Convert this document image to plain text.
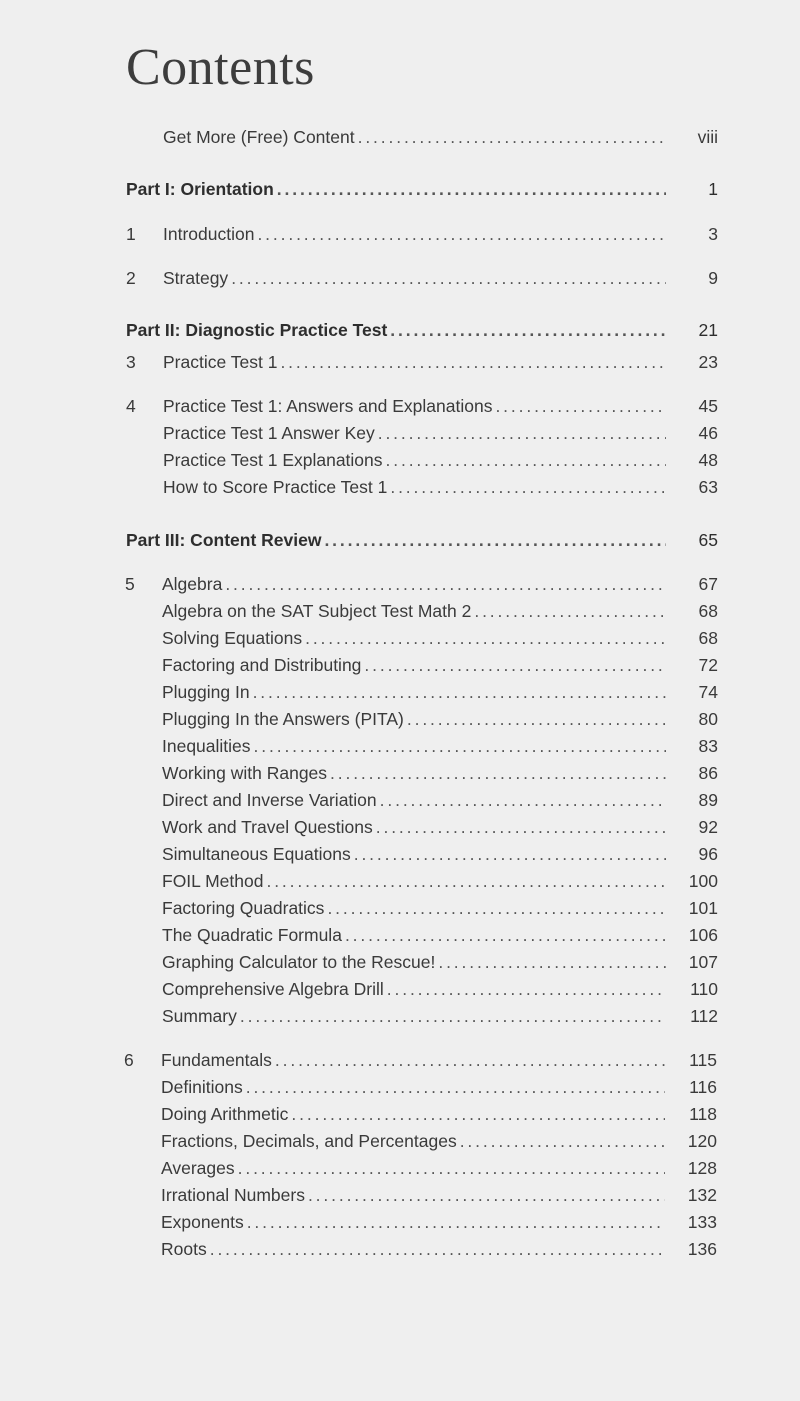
Contents
Get More (Free) Content . . .	viii
Part I: Orientation . . .	1
1	Introduction . . .	3
2	Strategy . . .	9
Part II: Diagnostic Practice Test . . .	21
3	Practice Test 1 . . .	23
4	Practice Test 1: Answers and Explanations . . .	45
Practice Test 1 Answer Key . . .	46
Practice Test 1 Explanations . . .	48
How to Score Practice Test 1 . . .	63
Part III: Content Review . . .	65
5	Algebra . . .	67
Algebra on the SAT Subject Test Math 2 . . .	68
Solving Equations . . .	68
Factoring and Distributing . . .	72
Plugging In . . .	74
Plugging In the Answers (PITA) . . .	80
Inequalities . . .	83
Working with Ranges . . .	86
Direct and Inverse Variation . . .	89
Work and Travel Questions . . .	92
Simultaneous Equations . . .	96
FOIL Method . . .	100
Factoring Quadratics . . .	101
The Quadratic Formula . . .	106
Graphing Calculator to the Rescue! . . .	107
Comprehensive Algebra Drill . . .	110
Summary . . .	112
6	Fundamentals . . .	115
Definitions . . .	116
Doing Arithmetic . . .	118
Fractions, Decimals, and Percentages . . .	120
Averages . . .	128
Irrational Numbers . . .	132
Exponents . . .	133
Roots . . .	136
